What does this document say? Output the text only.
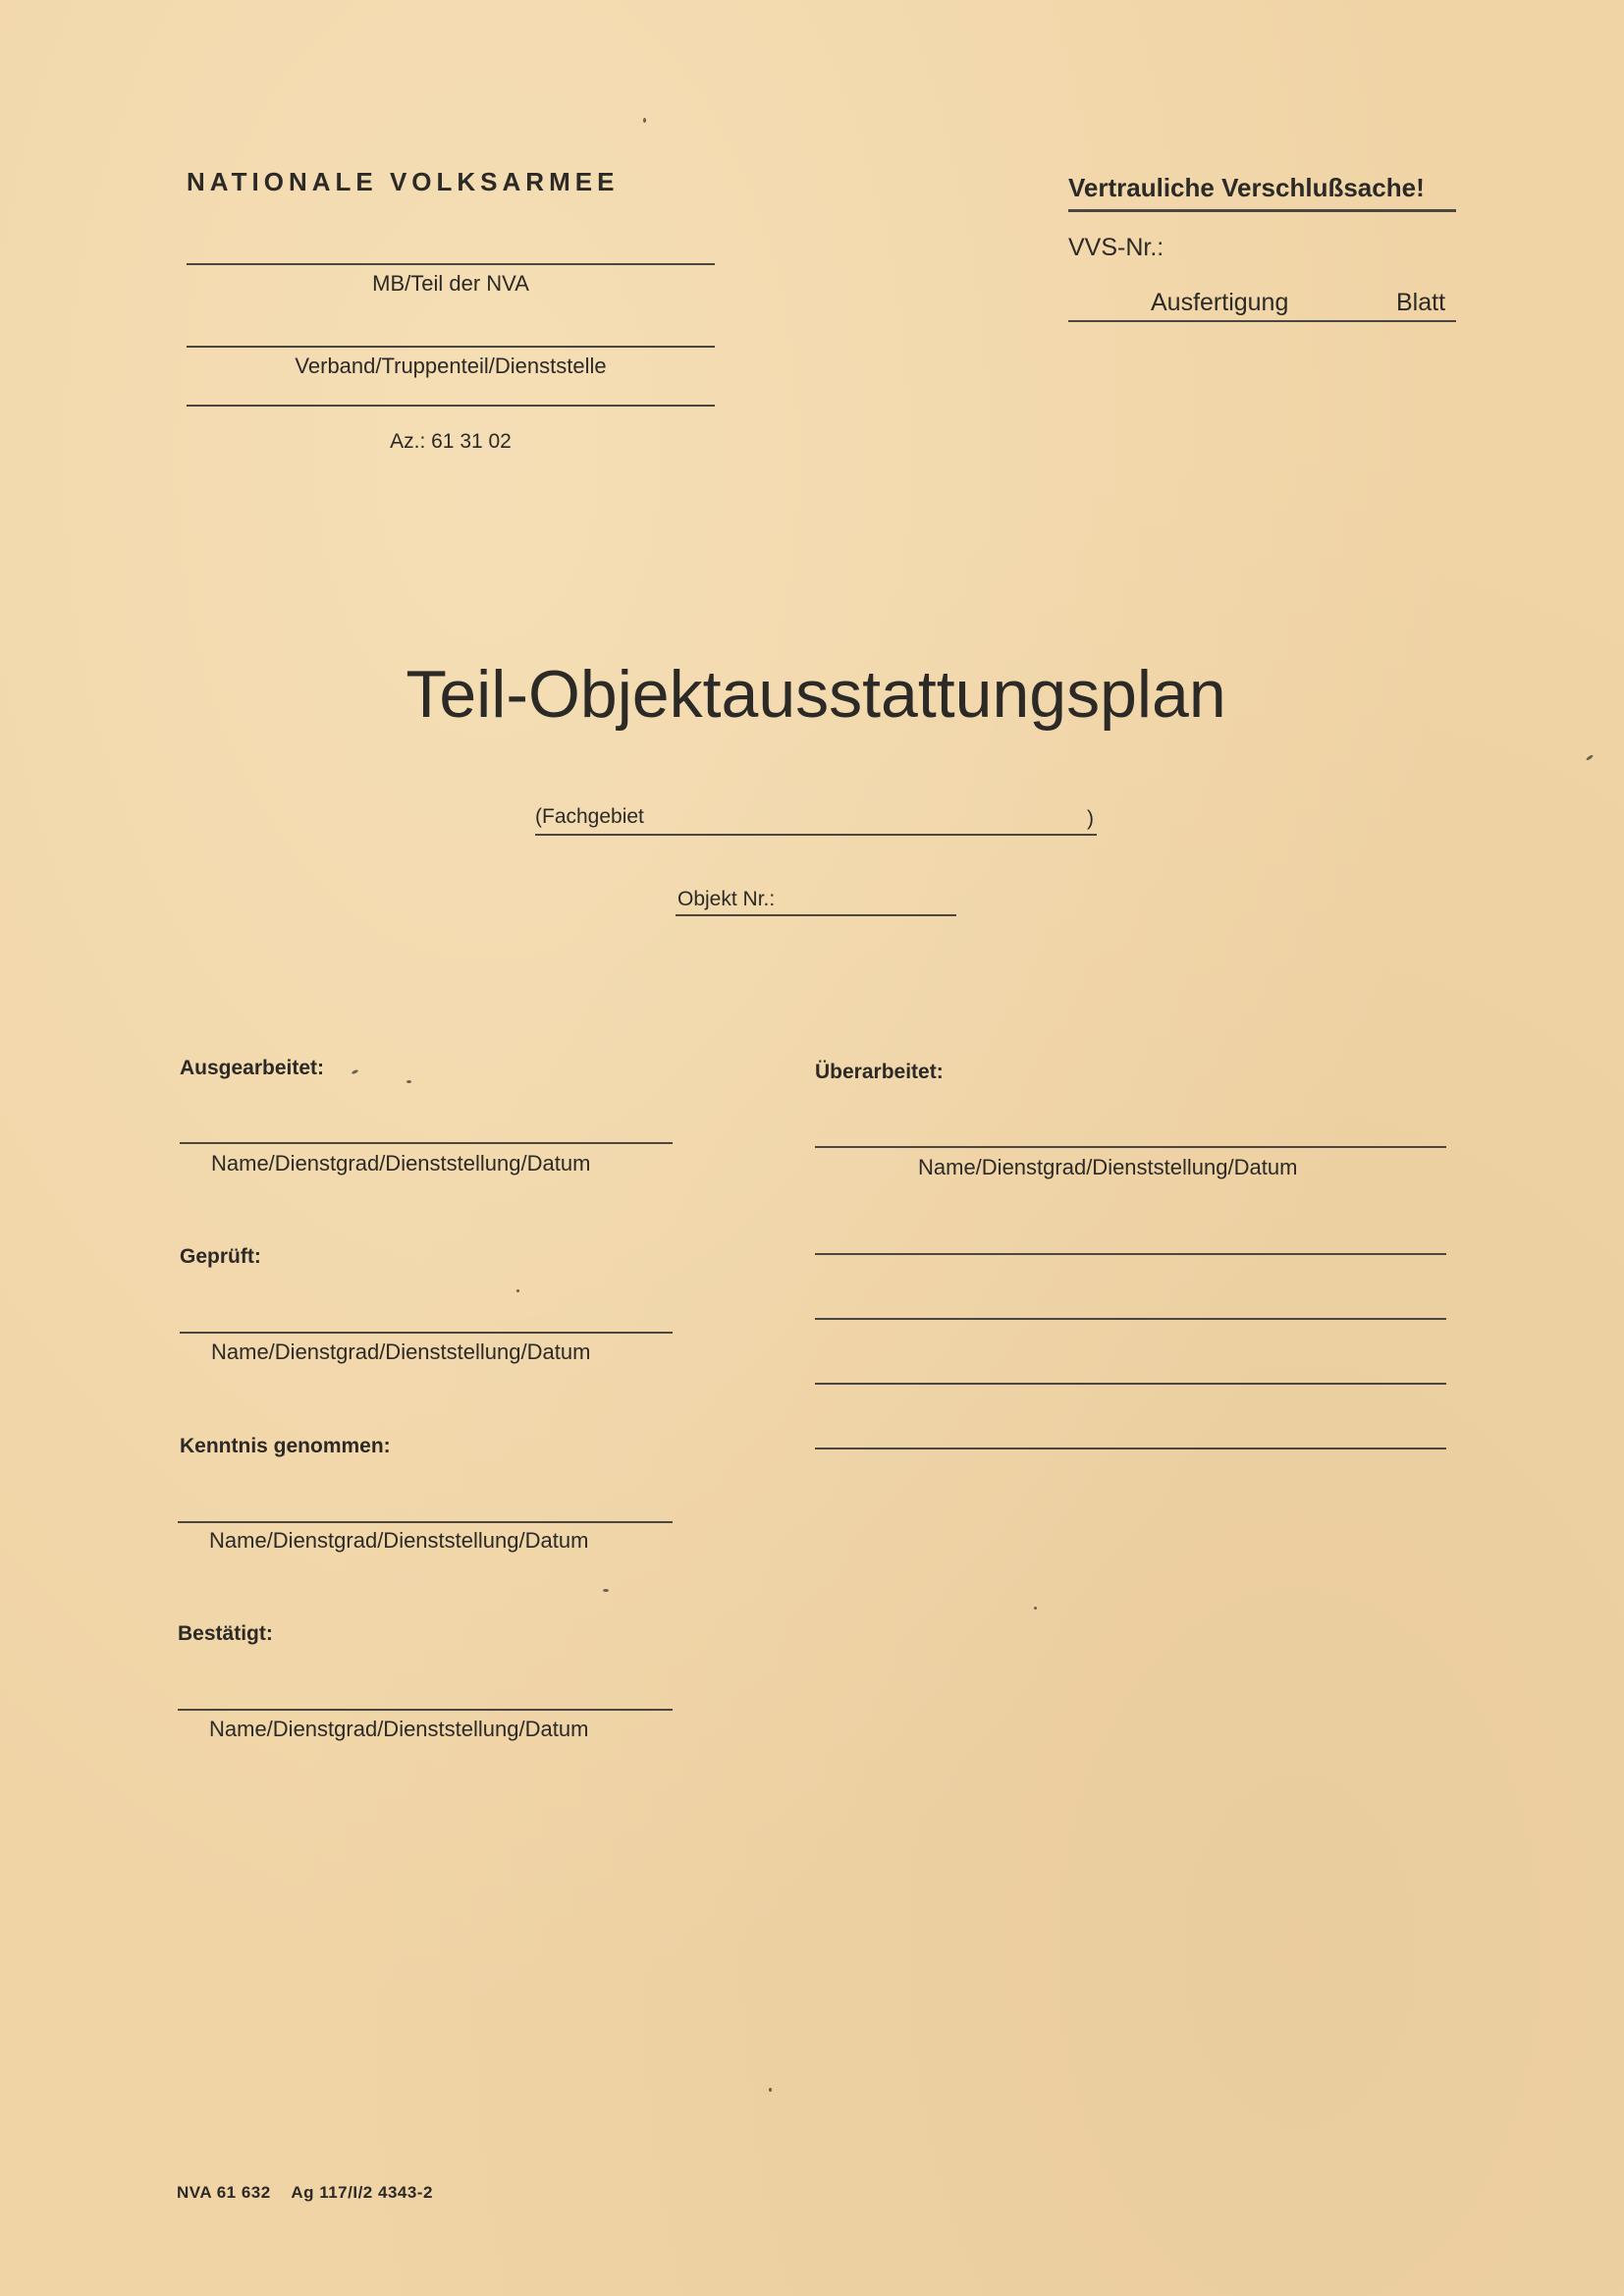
NATIONALE VOLKSARMEE
MB/Teil der NVA
Verband/Truppenteil/Dienststelle
Az.: 61 31 02
Vertrauliche Verschlußsache!
VVS-Nr.:
Ausfertigung	Blatt
Teil-Objektausstattungsplan
(Fachgebiet	)
Objekt Nr.:
Ausgearbeitet:
Name/Dienstgrad/Dienststellung/Datum
Geprüft:
Name/Dienstgrad/Dienststellung/Datum
Kenntnis genommen:
Name/Dienstgrad/Dienststellung/Datum
Bestätigt:
Name/Dienstgrad/Dienststellung/Datum
Überarbeitet:
Name/Dienstgrad/Dienststellung/Datum
NVA 61 632 Ag 117/I/2 4343-2
